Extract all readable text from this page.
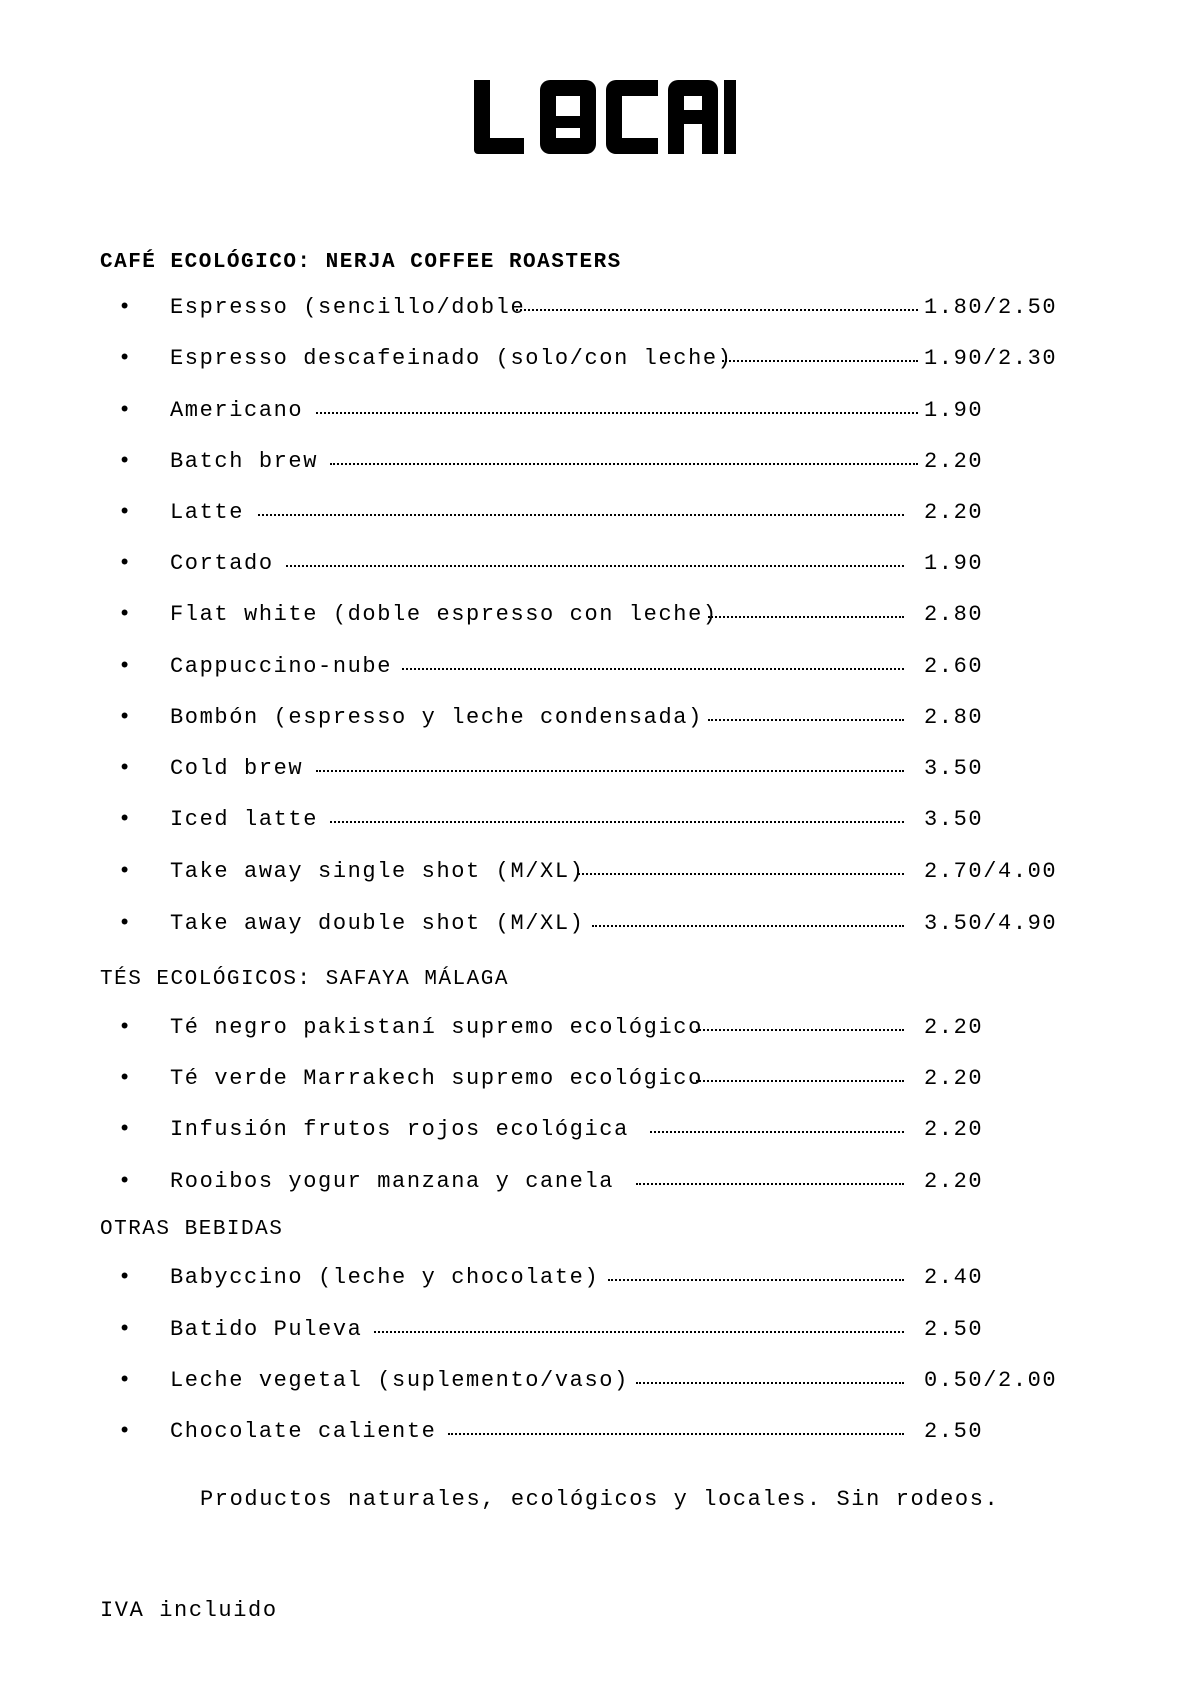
CAFÉ ECOLÓGICO: NERJA COFFEE ROASTERS
• Espresso (sencillo/doble	1.80/2.50
• Espresso descafeinado (solo/con leche)	1.90/2.30
• Americano	1.90
• Batch brew	2.20
• Latte	2.20
• Cortado	1.90
• Flat white (doble espresso con leche)	2.80
• Cappuccino-nube	2.60
• Bombón (espresso y leche condensada)	2.80
• Cold brew	3.50
• Iced latte	3.50
• Take away single shot (M/XL)	2.70/4.00
• Take away double shot (M/XL)	3.50/4.90
TÉS ECOLÓGICOS: SAFAYA MÁLAGA
• Té negro pakistaní supremo ecológico	2.20
• Té verde Marrakech supremo ecológico	2.20
• Infusión frutos rojos ecológica	2.20
• Rooibos yogur manzana y canela	2.20
OTRAS BEBIDAS
• Babyccino (leche y chocolate)	2.40
• Batido Puleva	2.50
• Leche vegetal (suplemento/vaso)	0.50/2.00
• Chocolate caliente	2.50
Productos naturales, ecológicos y locales. Sin rodeos.
IVA incluido
